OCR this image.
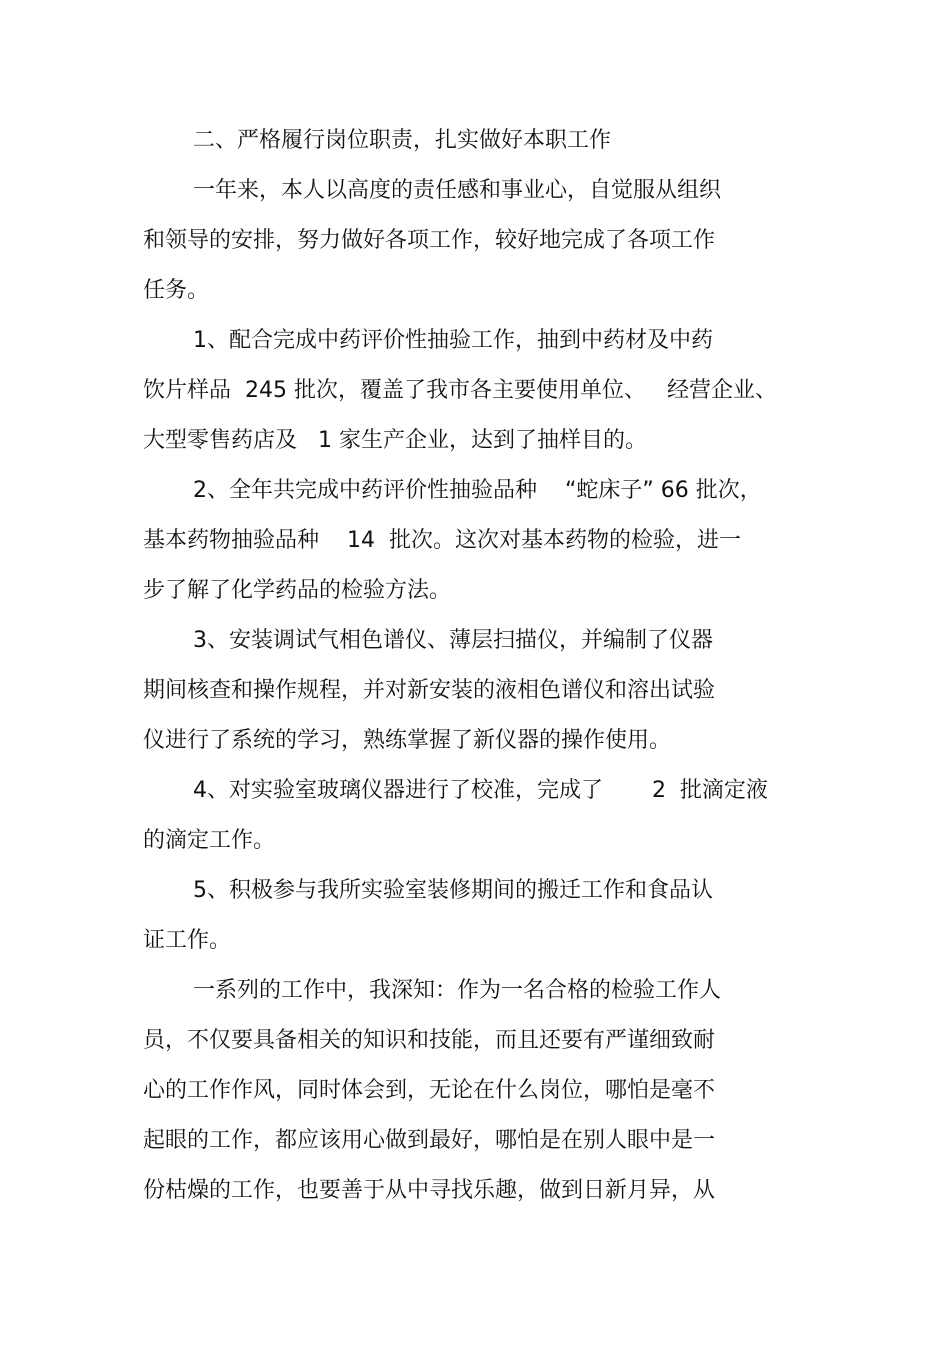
二、严格履行岗位职责，扎实做好本职工作

一年来，本人以高度的责任感和事业心，自觉服从组织

和领导的安排，努力做好各项工作，较好地完成了各项工作

任务。

1、配合完成中药评价性抽验工作，抽到中药材及中药

饮片样品  245 批次，覆盖了我市各主要使用单位、   经营企业、

大型零售药店及   1 家生产企业，达到了抽样目的。

2、全年共完成中药评价性抽验品种    “蛇床子” 66 批次，

基本药物抽验品种    14  批次。这次对基本药物的检验，进一

步了解了化学药品的检验方法。

3、安装调试气相色谱仪、薄层扫描仪，并编制了仪器

期间核查和操作规程，并对新安装的液相色谱仪和溶出试验

仪进行了系统的学习，熟练掌握了新仪器的操作使用。

4、对实验室玻璃仪器进行了校准，完成了       2  批滴定液

的滴定工作。

5、积极参与我所实验室装修期间的搬迁工作和食品认

证工作。

一系列的工作中，我深知：作为一名合格的检验工作人

员，不仅要具备相关的知识和技能，而且还要有严谨细致耐

心的工作作风，同时体会到，无论在什么岗位，哪怕是毫不

起眼的工作，都应该用心做到最好，哪怕是在别人眼中是一

份枯燥的工作，也要善于从中寻找乐趣，做到日新月异，从
